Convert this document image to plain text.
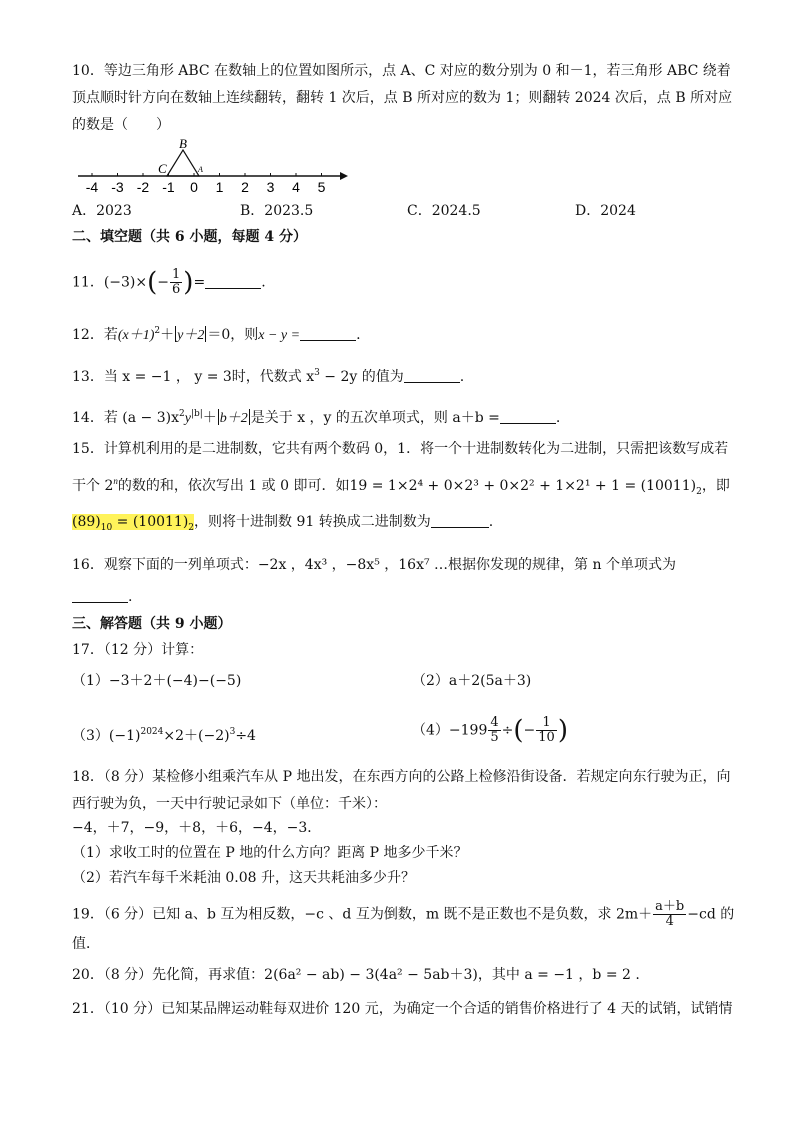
10．等边三角形 ABC 在数轴上的位置如图所示，点 A、C 对应的数分别为 0 和－1，若三角形 ABC 绕着
顶点顺时针方向在数轴上连续翻转，翻转 1 次后，点 B 所对应的数为 1；则翻转 2024 次后，点 B 所对应
的数是（　　）
B
C	A
-4 -3 -2 -1 0 1 2 3 4 5
A．2023	B．2023.5	C．2024.5	D．2024
二、填空题（共 6 小题，每题 4 分）
11．$(-3)\times(- \frac{1}{6}$ )=	.
12．若$(x+1)^2+ y+2 =0$，则x − y =	.
13．当 x = −1 ， y = 3时，代数式 $x^3 - 2y$ 的值为	.
14．若 $(a - 3)x^2y^{|b|}+ b+2$ 是关于 x ，y 的五次单项式，则 a＋b =	.
15．计算机利用的是二进制数，它共有两个数码 0，1．将一个十进制数转化为二进制，只需把该数写成若
干个 2$^n$的数的和，依次写出 1 或 0 即可．如$19 = 1\times 2^4 + 0\times 2^3 + 0\times 2^2 + 1\times 2^1 + 1 = (10011)_2$，即
$(89)_{10} = (10011)_2$，则将十进制数 91 转换成二进制数为	.
16．观察下面的一列单项式：−2x ，4x³ ，−8x⁵ ，16x⁷ …根据你发现的规律，第 n 个单项式为
.
三、解答题（共 9 小题）
17．（12 分）计算：
（1）−3＋2＋(−4)−(−5)	（2）a＋2(5a＋3)
$(3)(-1)^{2024}\times 2+(-2)^3\div 4$	$(4)-199 \frac{4}{5}$ ÷(− $\frac{1}{10}$ )
18．（8 分）某检修小组乘汽车从 P 地出发，在东西方向的公路上检修沿街设备．若规定向东行驶为正，向
西行驶为负，一天中行驶记录如下（单位：千米）：
−4，＋7，−9，＋8，＋6，−4，−3．
（1）求收工时的位置在 P 地的什么方向？距离 P 地多少千米？
（2）若汽车每千米耗油 0.08 升，这天共耗油多少升？
19．（6 分）已知 a、b 互为相反数，−c 、d 互为倒数，m 既不是正数也不是负数，求 $2m+ \frac{a+b}{4} -cd$ 的
值．
20．（8 分）先化简，再求值：2(6a² − ab) − 3(4a² − 5ab＋3)，其中 a = −1 ，b = 2 .
21．（10 分）已知某品牌运动鞋每双进价 120 元，为确定一个合适的销售价格进行了 4 天的试销，试销情
